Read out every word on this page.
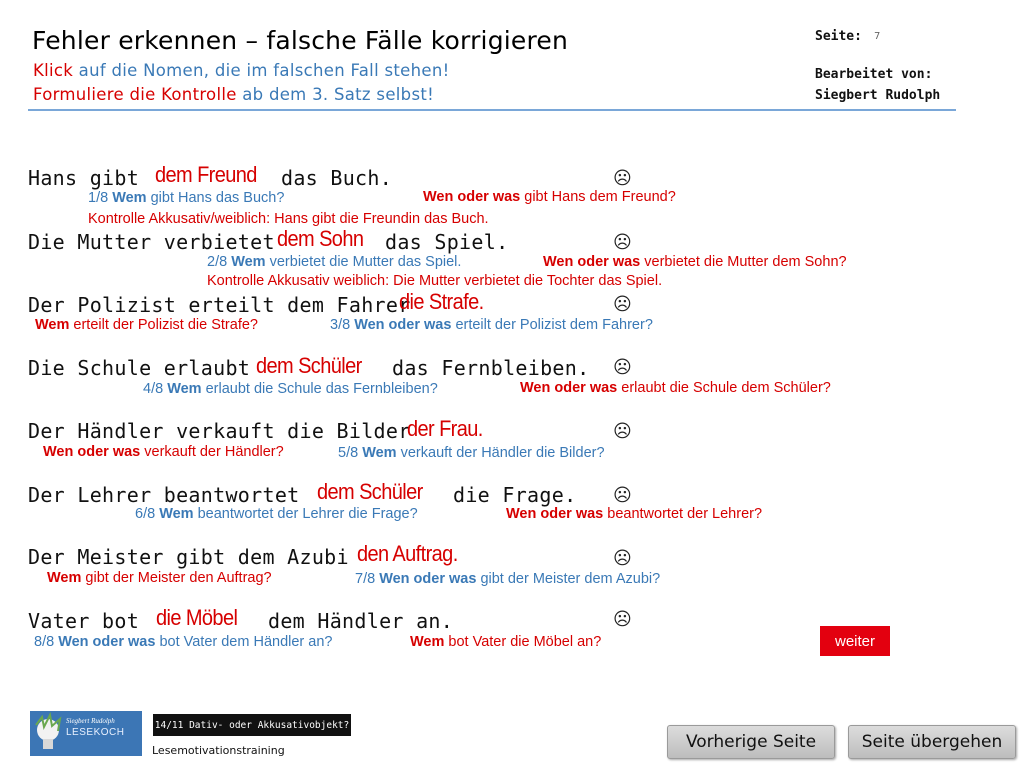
Fehler erkennen – falsche Fälle korrigieren
Klick auf die Nomen, die im falschen Fall stehen!
Formuliere die Kontrolle ab dem 3. Satz selbst!
Seite: 7
Bearbeitet von:
Siegbert Rudolph
Hans gibt dem Freund das Buch.	☹
1/8 Wem gibt Hans das Buch?	Wen oder was gibt Hans dem Freund?
Kontrolle Akkusativ/weiblich: Hans gibt die Freundin das Buch.
Die Mutter verbietet dem Sohn das Spiel.	☹
2/8 Wem verbietet die Mutter das Spiel.	Wen oder was verbietet die Mutter dem Sohn?
Kontrolle Akkusativ weiblich: Die Mutter verbietet die Tochter das Spiel.
Der Polizist erteilt dem Fahrer
die Strafe.	☹
Wem erteilt der Polizist die Strafe?	3/8 Wen oder was erteilt der Polizist dem Fahrer?
Die Schule erlaubt dem Schüler das Fernbleiben. ☹
4/8 Wem erlaubt die Schule das Fernbleiben?	Wen oder was erlaubt die Schule dem Schüler?
Der Händler verkauft die Bilder
der Frau.	☹
Wen oder was verkauft der Händler?	5/8 Wem verkauft der Händler die Bilder?
Der Lehrer beantwortet dem Schüler die Frage. ☹
6/8 Wem beantwortet der Lehrer die Frage?	Wen oder was beantwortet der Lehrer?
Der Meister gibt dem Azubi den Auftrag.	☹
Wem gibt der Meister den Auftrag?	7/8 Wen oder was gibt der Meister dem Azubi?
Vater bot die Möbel dem Händler an.	☹
8/8 Wen oder was bot Vater dem Händler an?	Wem bot Vater die Möbel an?	weiter
Siegbert Rudolph
LESEKOCH
14/11 Dativ- oder Akkusativobjekt?
Lesemotivationstraining	Vorherige Seite	Seite übergehen
